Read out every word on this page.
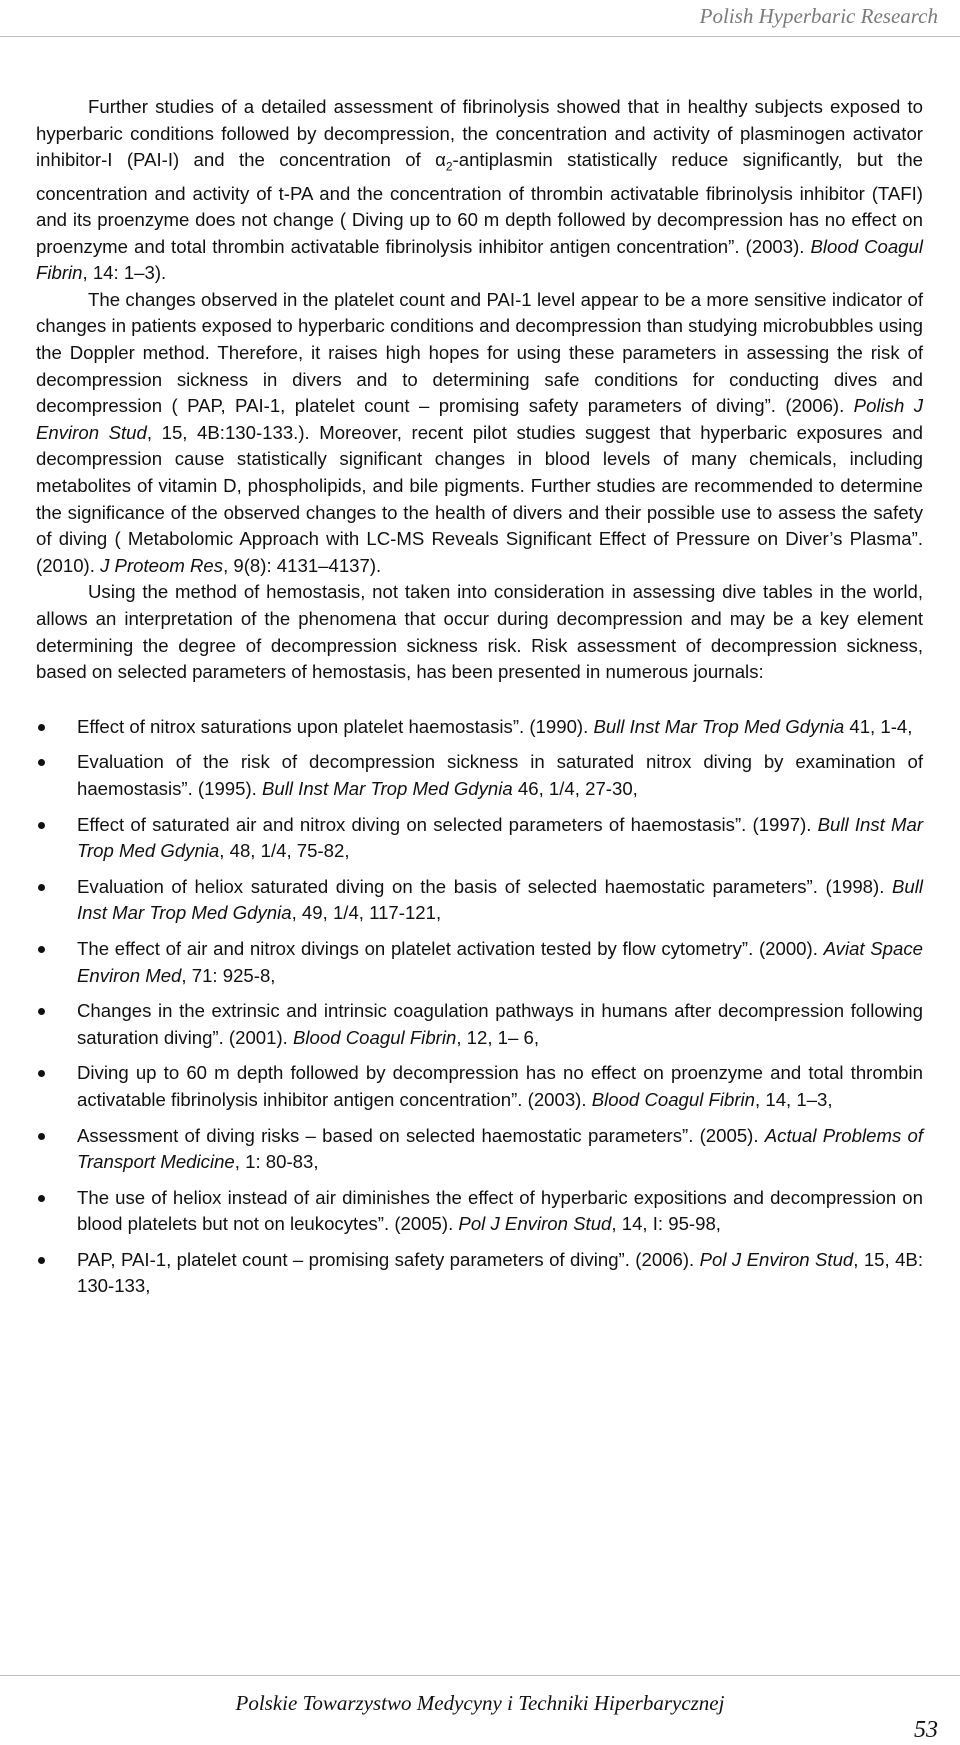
Polish Hyperbaric Research

Further studies of a detailed assessment of fibrinolysis showed that in healthy subjects exposed to hyperbaric conditions followed by decompression, the concentration and activity of plasminogen activator inhibitor-I (PAI-I) and the concentration of $\alpha_2$-antiplasmin statistically reduce significantly, but the concentration and activity of t-PA and the concentration of thrombin activatable fibrinolysis inhibitor (TAFI) and its proenzyme does not change ( Diving up to 60 m depth followed by decompression has no effect on proenzyme and total thrombin activatable fibrinolysis inhibitor antigen concentration”. (2003). Blood Coagul Fibrin, 14: 1–3).

The changes observed in the platelet count and PAI-1 level appear to be a more sensitive indicator of changes in patients exposed to hyperbaric conditions and decompression than studying microbubbles using the Doppler method. Therefore, it raises high hopes for using these parameters in assessing the risk of decompression sickness in divers and to determining safe conditions for conducting dives and decompression ( PAP, PAI-1, platelet count – promising safety parameters of diving”. (2006). Polish J Environ Stud, 15, 4B:130-133.). Moreover, recent pilot studies suggest that hyperbaric exposures and decompression cause statistically significant changes in blood levels of many chemicals, including metabolites of vitamin D, phospholipids, and bile pigments. Further studies are recommended to determine the significance of the observed changes to the health of divers and their possible use to assess the safety of diving ( Metabolomic Approach with LC-MS Reveals Significant Effect of Pressure on Diver’s Plasma”. (2010). J Proteom Res, 9(8): 4131–4137).

Using the method of hemostasis, not taken into consideration in assessing dive tables in the world, allows an interpretation of the phenomena that occur during decompression and may be a key element determining the degree of decompression sickness risk. Risk assessment of decompression sickness, based on selected parameters of hemostasis, has been presented in numerous journals:

Effect of nitrox saturations upon platelet haemostasis”. (1990). Bull Inst Mar Trop Med Gdynia 41, 1-4,
Evaluation of the risk of decompression sickness in saturated nitrox diving by examination of haemostasis”. (1995). Bull Inst Mar Trop Med Gdynia 46, 1/4, 27-30,
Effect of saturated air and nitrox diving on selected parameters of haemostasis”. (1997). Bull Inst Mar Trop Med Gdynia, 48, 1/4, 75-82,
Evaluation of heliox saturated diving on the basis of selected haemostatic parameters”. (1998). Bull Inst Mar Trop Med Gdynia, 49, 1/4, 117-121,
The effect of air and nitrox divings on platelet activation tested by flow cytometry”. (2000). Aviat Space Environ Med, 71: 925-8,
Changes in the extrinsic and intrinsic coagulation pathways in humans after decompression following saturation diving”. (2001). Blood Coagul Fibrin, 12, 1– 6,
Diving up to 60 m depth followed by decompression has no effect on proenzyme and total thrombin activatable fibrinolysis inhibitor antigen concentration”. (2003). Blood Coagul Fibrin, 14, 1–3,
Assessment of diving risks – based on selected haemostatic parameters”. (2005). Actual Problems of Transport Medicine, 1: 80-83,
The use of heliox instead of air diminishes the effect of hyperbaric expositions and decompression on blood platelets but not on leukocytes”. (2005). Pol J Environ Stud, 14, I: 95-98,
PAP, PAI-1, platelet count – promising safety parameters of diving”. (2006). Pol J Environ Stud, 15, 4B: 130-133,
Polskie Towarzystwo Medycyny i Techniki Hiperbarycznej
53
